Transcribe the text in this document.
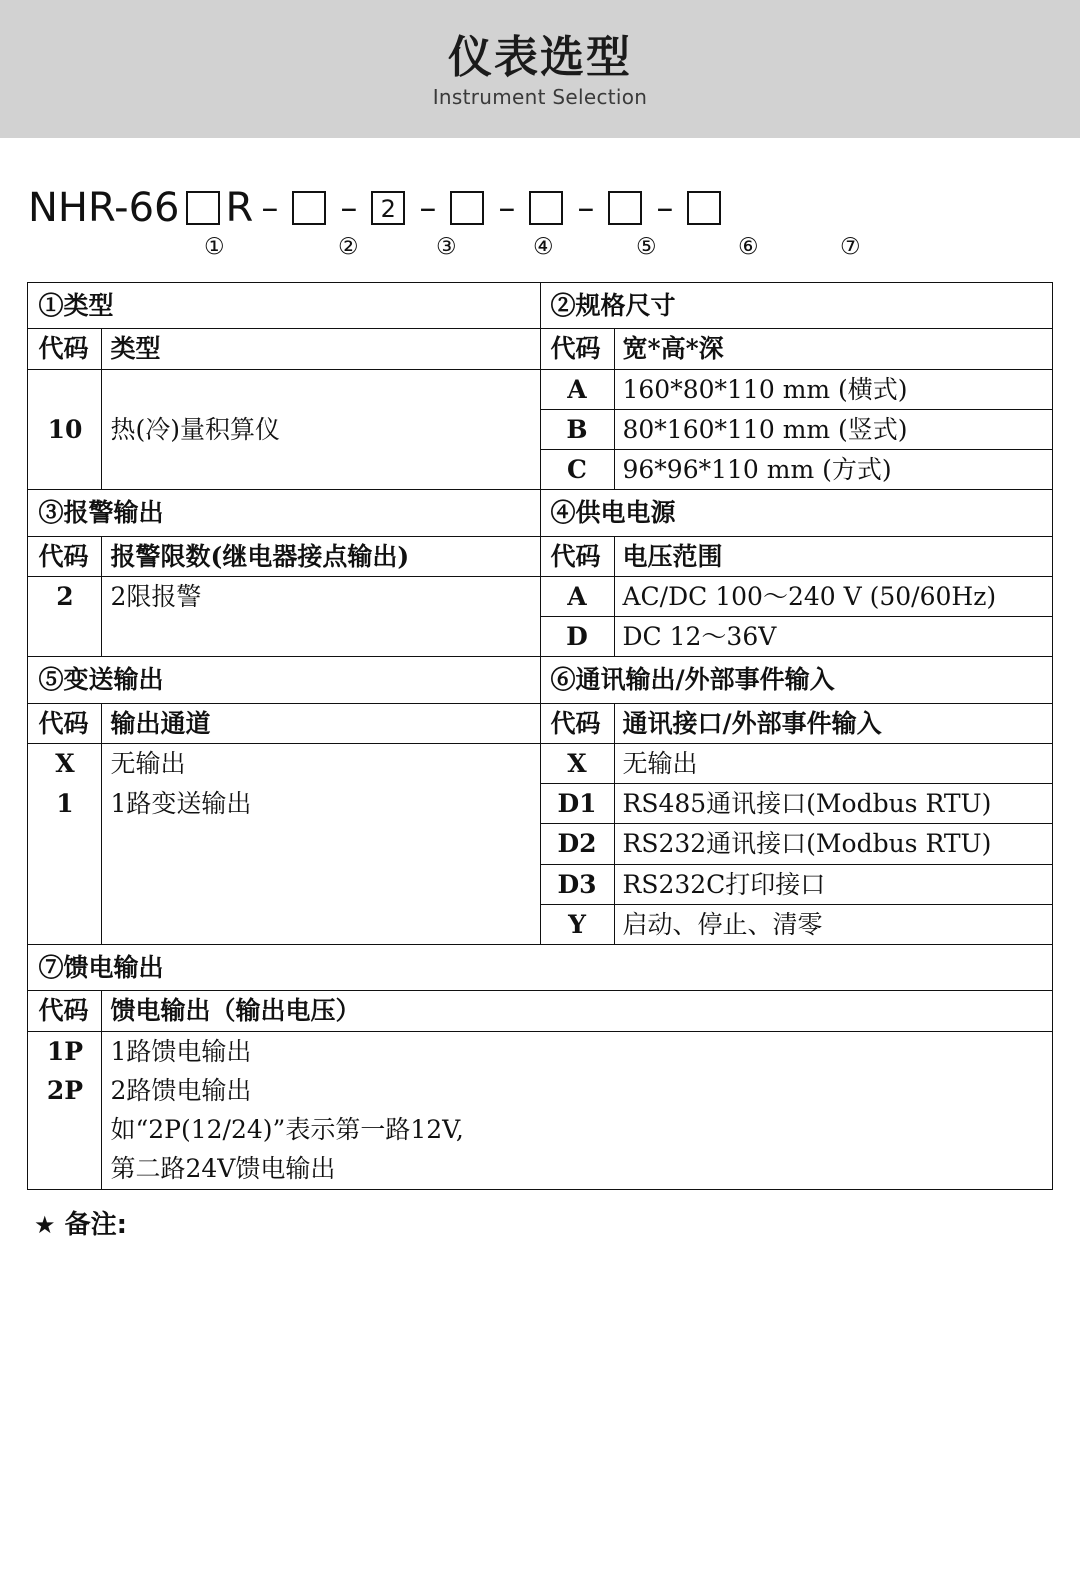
仪表选型
Instrument Selection
NHR-66 R – – 2 – – – –
①	②	③	④	⑤	⑥	⑦
①类型		②规格尺寸	
代码	类型	代码	宽*高*深
10	热(冷)量积算仪	A	160*80*110 mm (横式)
		B	80*160*110 mm (竖式)
		C	96*96*110 mm (方式)
③报警输出		④供电电源	
代码	报警限数(继电器接点输出)	代码	电压范围
2	2限报警	A	AC/DC 100～240 V (50/60Hz)
		D	DC 12～36V
⑤变送输出		⑥通讯输出/外部事件输入	
代码	输出通道	代码	通讯接口/外部事件输入
X	无输出	X	无输出
1	1路变送输出	D1	RS485通讯接口(Modbus RTU)
		D2	RS232通讯接口(Modbus RTU)
		D3	RS232C打印接口
		Y	启动、停止、清零
⑦馈电输出			
代码	馈电输出（输出电压）		
1P	1路馈电输出		
2P	2路馈电输出		
	如“2P(12/24)”表示第一路12V,		
	第二路24V馈电输出		
★ 备注:
